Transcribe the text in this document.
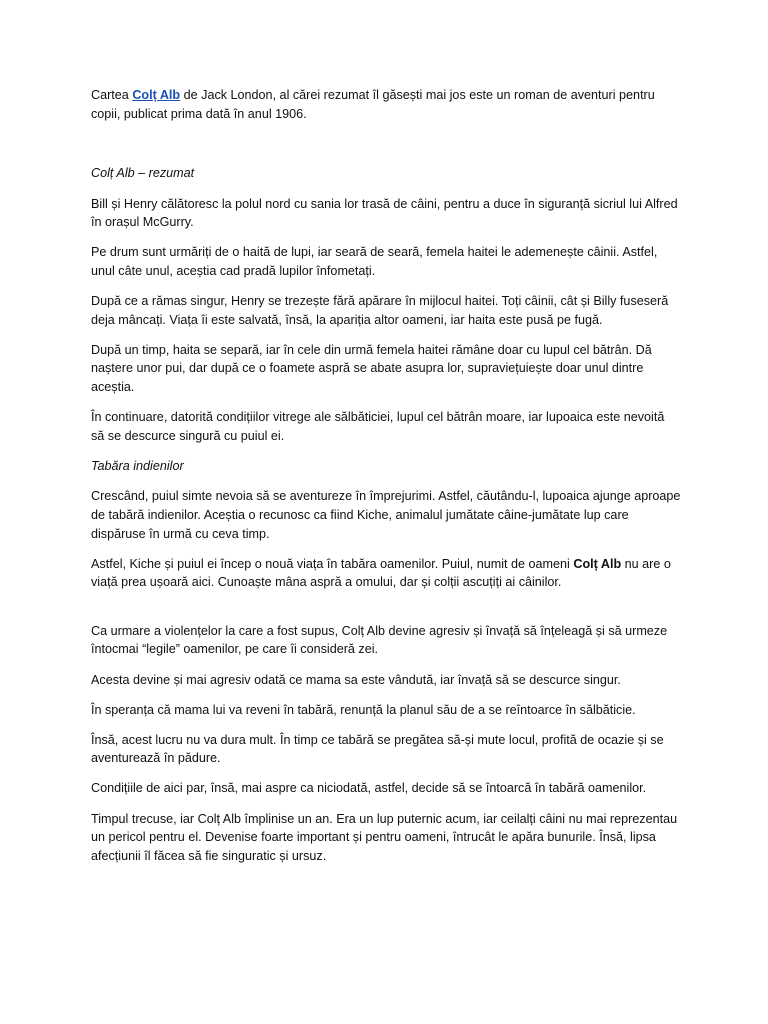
Cartea Colț Alb de Jack London, al cărei rezumat îl găsești mai jos este un roman de aventuri pentru copii, publicat prima dată în anul 1906.

Colț Alb – rezumat

Bill și Henry călătoresc la polul nord cu sania lor trasă de câini, pentru a duce în siguranță sicriul lui Alfred în orașul McGurry.

Pe drum sunt urmăriți de o haită de lupi, iar seară de seară, femela haitei le ademenește câinii. Astfel, unul câte unul, aceștia cad pradă lupilor înfometați.

După ce a rămas singur, Henry se trezește fără apărare în mijlocul haitei. Toți câinii, cât și Billy fuseseră deja mâncați. Viața îi este salvată, însă, la apariția altor oameni, iar haita este pusă pe fugă.

După un timp, haita se separă, iar în cele din urmă femela haitei rămâne doar cu lupul cel bătrân. Dă naștere unor pui, dar după ce o foamete aspră se abate asupra lor, supraviețuiește doar unul dintre aceștia.

În continuare, datorită condițiilor vitrege ale sălbăticiei, lupul cel bătrân moare, iar lupoaica este nevoită să se descurce singură cu puiul ei.

Tabăra indienilor

Crescând, puiul simte nevoia să se aventureze în împrejurimi. Astfel, căutându-l, lupoaica ajunge aproape de tabără indienilor. Aceștia o recunosc ca fiind Kiche, animalul jumătate câine-jumătate lup care dispăruse în urmă cu ceva timp.

Astfel, Kiche și puiul ei încep o nouă viața în tabăra oamenilor. Puiul, numit de oameni Colț Alb nu are o viață prea ușoară aici. Cunoaște mâna aspră a omului, dar și colții ascuțiți ai câinilor.

Ca urmare a violențelor la care a fost supus, Colț Alb devine agresiv și învață să înțeleagă și să urmeze întocmai “legile” oamenilor, pe care îi consideră zei.

Acesta devine și mai agresiv odată ce mama sa este vândută, iar învață să se descurce singur.

În speranța că mama lui va reveni în tabără, renunță la planul său de a se reîntoarce în sălbăticie.

Însă, acest lucru nu va dura mult. În timp ce tabără se pregătea să-și mute locul, profită de ocazie și se aventurează în pădure.

Condițiile de aici par, însă, mai aspre ca niciodată, astfel, decide să se întoarcă în tabără oamenilor.

Timpul trecuse, iar Colț Alb împlinise un an. Era un lup puternic acum, iar ceilalți câini nu mai reprezentau un pericol pentru el. Devenise foarte important și pentru oameni, întrucât le apăra bunurile. Însă, lipsa afecțiunii îl făcea să fie singuratic și ursuz.
